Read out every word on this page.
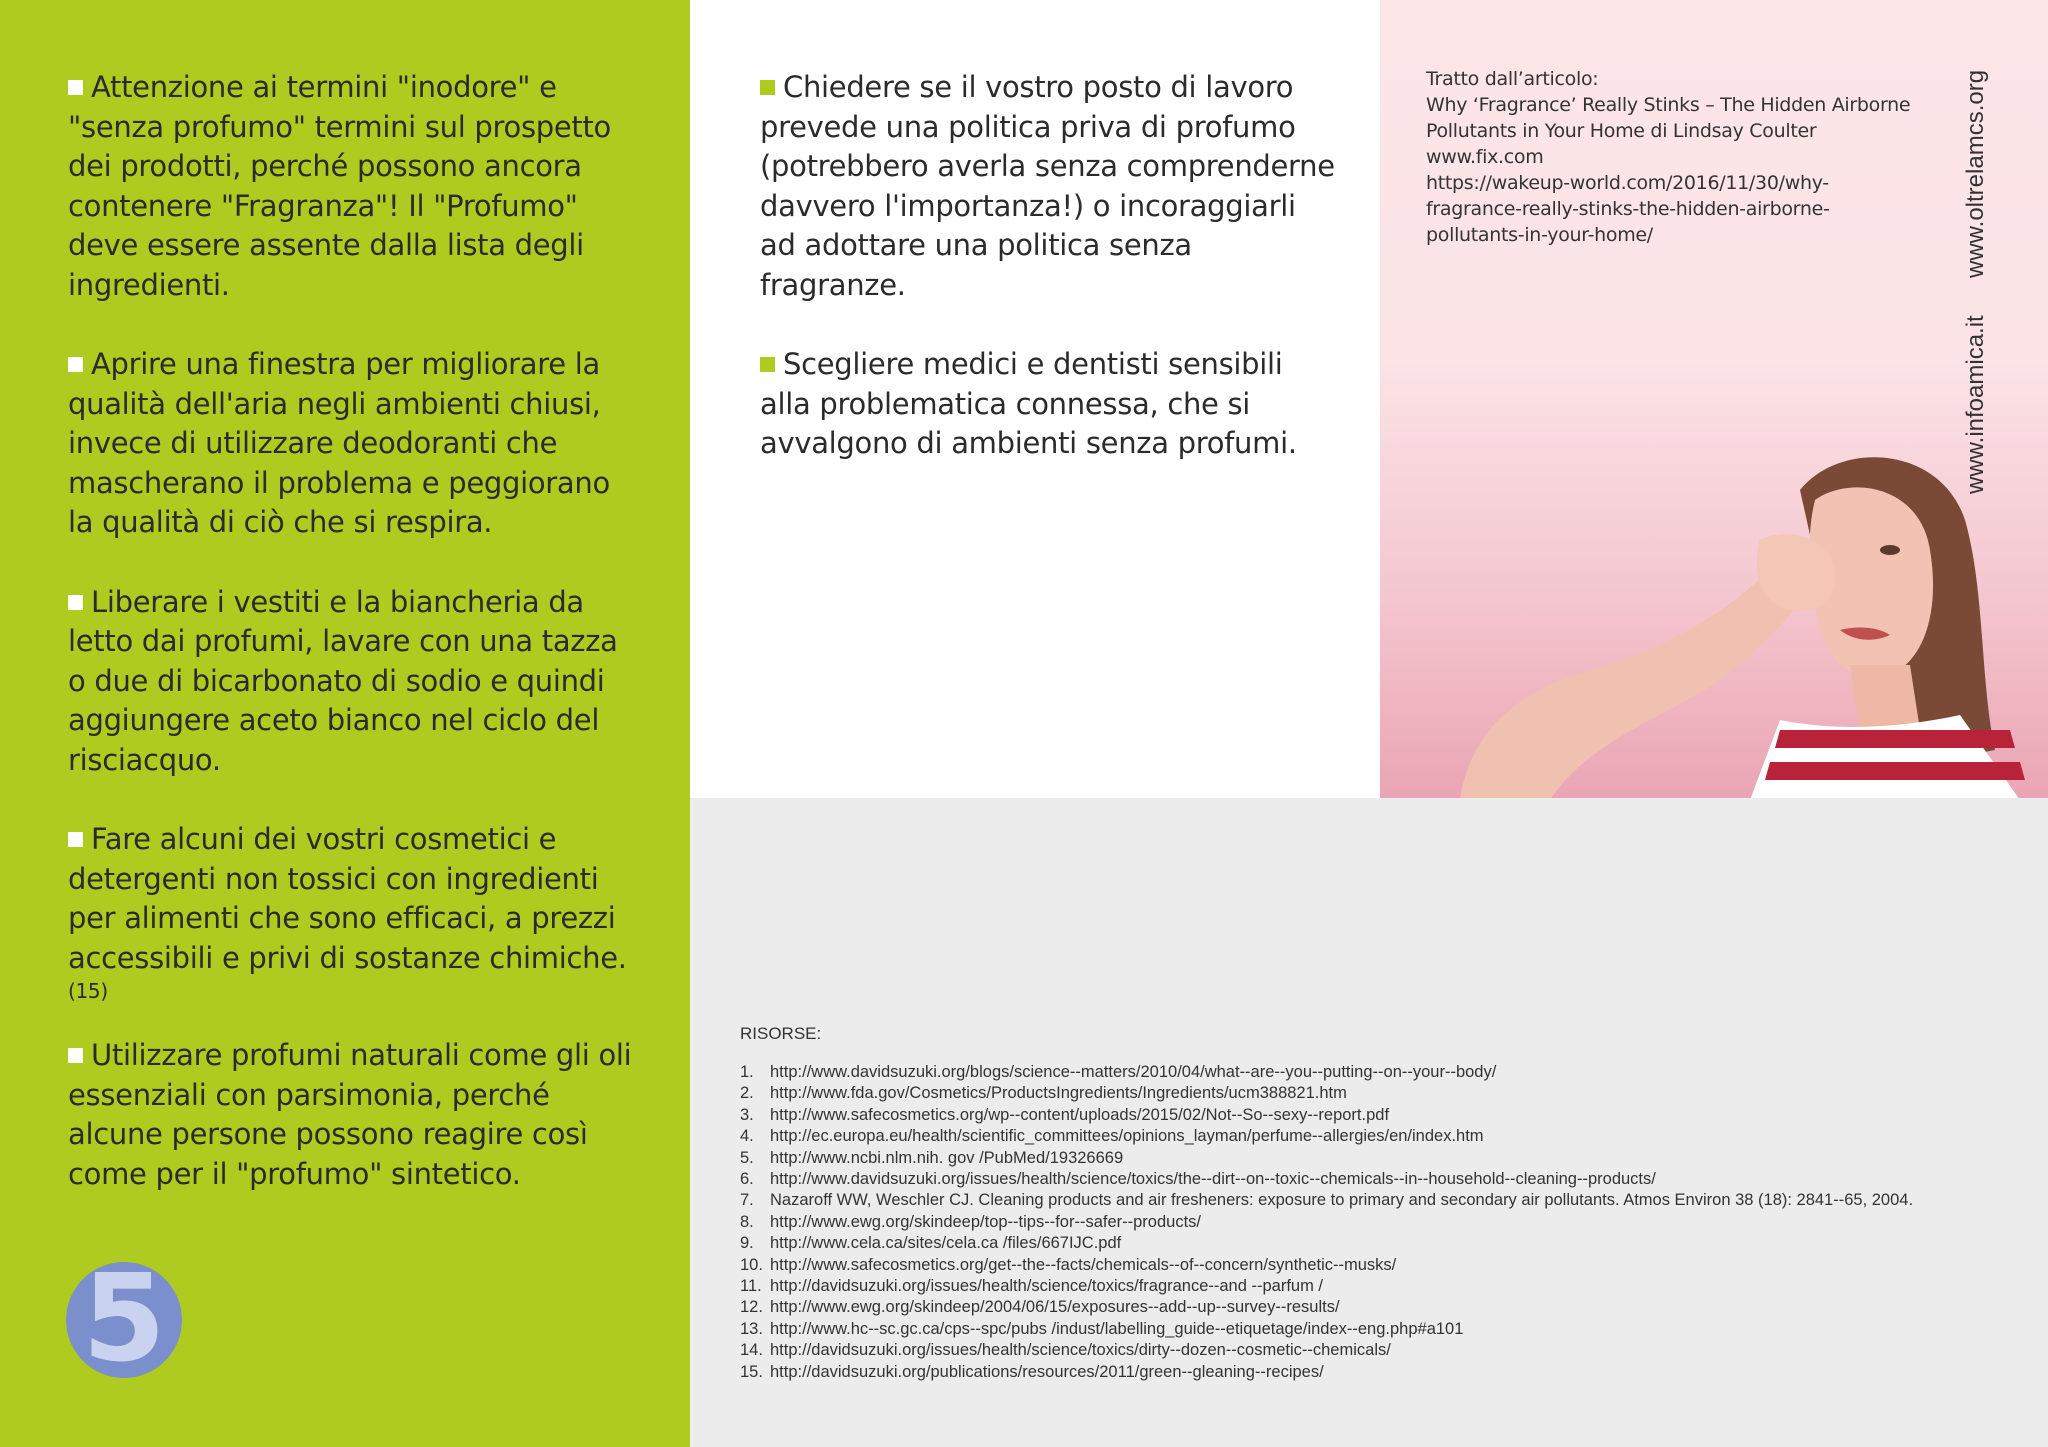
Attenzione ai termini "inodore" e "senza profumo" termini sul prospetto dei prodotti, perché possono ancora contenere "Fragranza"! Il "Profumo" deve essere assente dalla lista degli ingredienti.
Aprire una finestra per migliorare la qualità dell'aria negli ambienti chiusi, invece di utilizzare deodoranti che mascherano il problema e peggiorano la qualità di ciò che si respira.
Liberare i vestiti e la biancheria da letto dai profumi, lavare con una tazza o due di bicarbonato di sodio e quindi aggiungere aceto bianco nel ciclo del risciacquo.
Fare alcuni dei vostri cosmetici e detergenti non tossici con ingredienti per alimenti che sono efficaci, a prezzi accessibili e privi di sostanze chimiche.
(15)
Utilizzare profumi naturali come gli oli essenziali con parsimonia, perché alcune persone possono reagire così come per il "profumo" sintetico.
5
Chiedere se il vostro posto di lavoro prevede una politica priva di profumo (potrebbero averla senza comprenderne davvero l'importanza!) o incoraggiarli ad adottare una politica senza fragranze.
Scegliere medici e dentisti sensibili alla problematica connessa, che si avvalgono di ambienti senza profumi.
Tratto dall’articolo:
Why ‘Fragrance’ Really Stinks – The Hidden Airborne
Pollutants in Your Home di Lindsay Coulter
www.fix.com
https://wakeup-world.com/2016/11/30/why-
fragrance-really-stinks-the-hidden-airborne-
pollutants-in-your-home/	www.oltrelamcs.org
www.infoamica.it
RISORSE:
1. http://www.davidsuzuki.org/blogs/science--matters/2010/04/what--are--you--putting--on--your--body/
2. http://www.fda.gov/Cosmetics/ProductsIngredients/Ingredients/ucm388821.htm
3. http://www.safecosmetics.org/wp--content/uploads/2015/02/Not--So--sexy--report.pdf
4. http://ec.europa.eu/health/scientific_committees/opinions_layman/perfume--allergies/en/index.htm
5. http://www.ncbi.nlm.nih. gov /PubMed/19326669
6. http://www.davidsuzuki.org/issues/health/science/toxics/the--dirt--on--toxic--chemicals--in--household--cleaning--products/
7. Nazaroff WW, Weschler CJ. Cleaning products and air fresheners: exposure to primary and secondary air pollutants. Atmos Environ 38 (18): 2841--65, 2004.
8. http://www.ewg.org/skindeep/top--tips--for--safer--products/
9. http://www.cela.ca/sites/cela.ca /files/667IJC.pdf
10. http://www.safecosmetics.org/get--the--facts/chemicals--of--concern/synthetic--musks/
11. http://davidsuzuki.org/issues/health/science/toxics/fragrance--and --parfum /
12. http://www.ewg.org/skindeep/2004/06/15/exposures--add--up--survey--results/
13. http://www.hc--sc.gc.ca/cps--spc/pubs /indust/labelling_guide--etiquetage/index--eng.php#a101
14. http://davidsuzuki.org/issues/health/science/toxics/dirty--dozen--cosmetic--chemicals/
15. http://davidsuzuki.org/publications/resources/2011/green--gleaning--recipes/
